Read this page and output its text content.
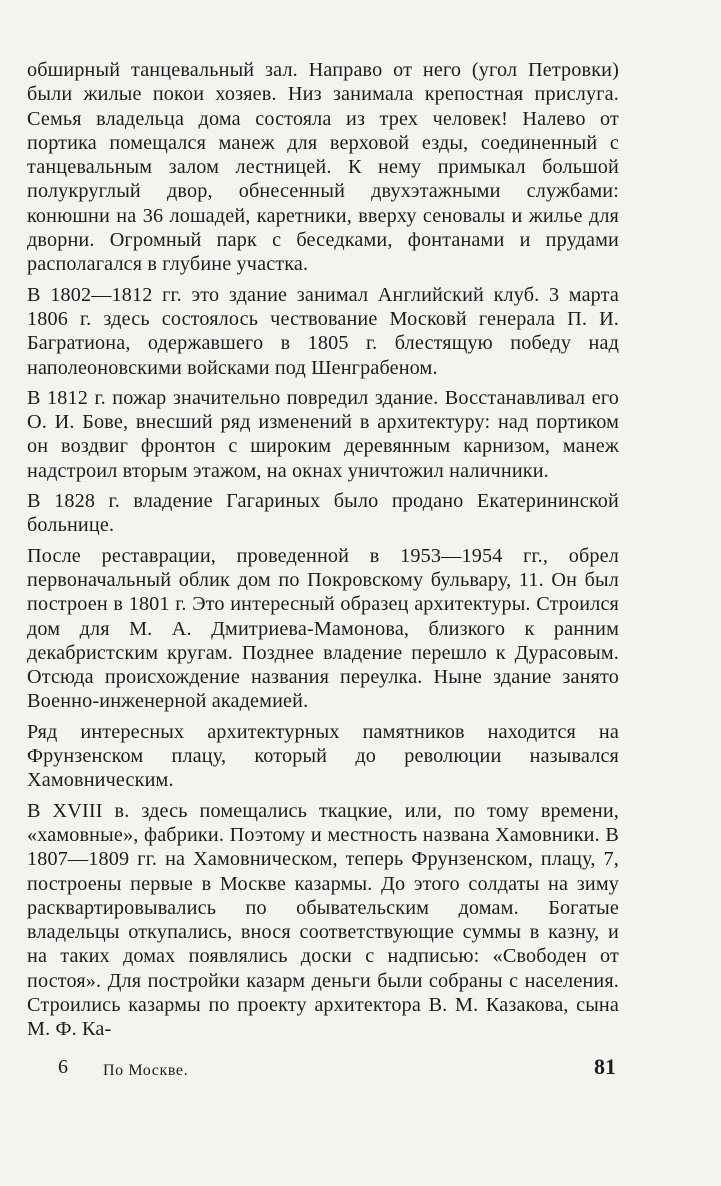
обширный танцевальный зал. Направо от него (угол Петровки) были жилые покои хозяев. Низ занимала крепостная прислуга. Семья владельца дома состояла из трех человек! Налево от портика помещался манеж для верховой езды, соединенный с танцевальным залом лестницей. К нему примыкал большой полукруглый двор, обнесенный двухэтажными службами: конюшни на 36 лошадей, каретники, вверху сеновалы и жилье для дворни. Огромный парк с беседками, фонтанами и прудами располагался в глубине участка.

В 1802—1812 гг. это здание занимал Английский клуб. 3 марта 1806 г. здесь состоялось чествование Московй генерала П. И. Багратиона, одержавшего в 1805 г. блестящую победу над наполеоновскими войсками под Шенграбеном.

В 1812 г. пожар значительно повредил здание. Восстанавливал его О. И. Бове, внесший ряд изменений в архитектуру: над портиком он воздвиг фронтон с широким деревянным карнизом, манеж надстроил вторым этажом, на окнах уничтожил наличники.

В 1828 г. владение Гагариных было продано Екатерининской больнице.

После реставрации, проведенной в 1953—1954 гг., обрел первоначальный облик дом по Покровскому бульвару, 11. Он был построен в 1801 г. Это интересный образец архитектуры. Строился дом для М. А. Дмитриева-Мамонова, близкого к ранним декабристским кругам. Позднее владение перешло к Дурасовым. Отсюда происхождение названия переулка. Ныне здание занято Военно-инженерной академией.

Ряд интересных архитектурных памятников находится на Фрунзенском плацу, который до революции назывался Хамовническим.

В XVIII в. здесь помещались ткацкие, или, по тому времени, «хамовные», фабрики. Поэтому и местность названа Хамовники. В 1807—1809 гг. на Хамовническом, теперь Фрунзенском, плацу, 7, построены первые в Москве казармы. До этого солдаты на зиму расквартировывались по обывательским домам. Богатые владельцы откупались, внося соответствующие суммы в казну, и на таких домах появлялись доски с надписью: «Свободен от постоя». Для постройки казарм деньги были собраны с населения. Строились казармы по проекту архитектора В. М. Казакова, сына М. Ф. Ка-

6 По Москве.	81
